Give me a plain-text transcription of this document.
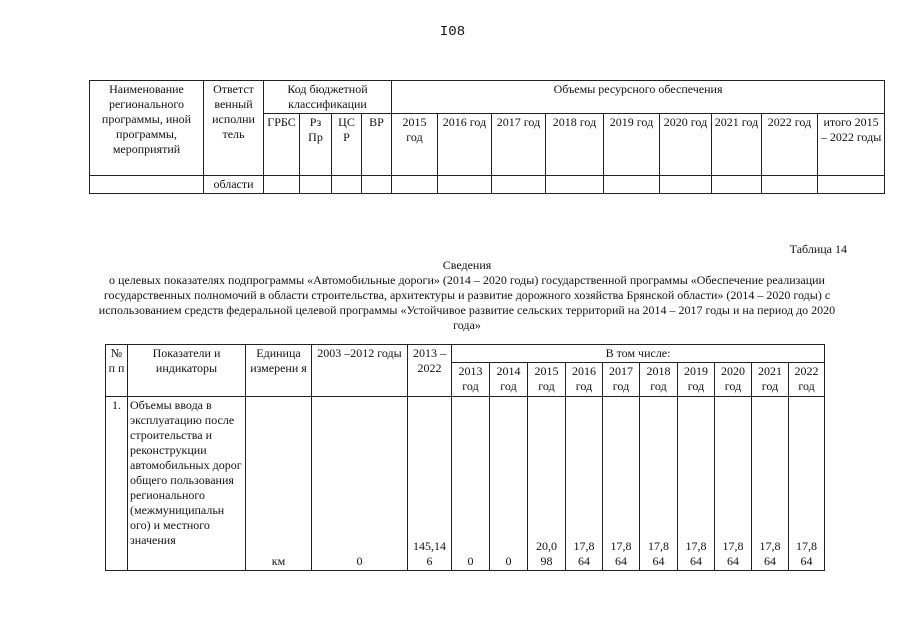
I08
Наименование регионального программы, иной программы, мероприятий	Ответст венный исполни тель	Код бюджетной классификации				Объемы ресурсного обеспечения								
		ГРБС	Рз Пр	ЦС Р	ВР	2015 год	2016 год	2017 год	2018 год	2019 год	2020 год	2021 год	2022 год	итого 2015 – 2022 годы
	области													
Таблица 14
Сведения
о целевых показателях подпрограммы «Автомобильные дороги» (2014 – 2020 годы) государственной программы «Обеспечение реализации государственных полномочий в области строительства, архитектуры и развитие дорожного хозяйства Брянской области» (2014 – 2020 годы) с использованием средств федеральной целевой программы «Устойчивое развитие сельских территорий на 2014 – 2017 годы и на период до 2020 года»
№ п п	Показатели и индикаторы	Единица измерени я	2003 –2012 годы	2013 – 2022	В том числе:									
					2013 год	2014 год	2015 год	2016 год	2017 год	2018 год	2019 год	2020 год	2021 год	2022 год
1.	Объемы ввода в эксплуатацию после строительства и реконструкции автомобильных дорог общего пользования регионального (межмуниципальн ого) и местного значения	км	0	145,14 6	0	0	20,0 98	17,8 64	17,8 64	17,8 64	17,8 64	17,8 64	17,8 64	17,8 64
